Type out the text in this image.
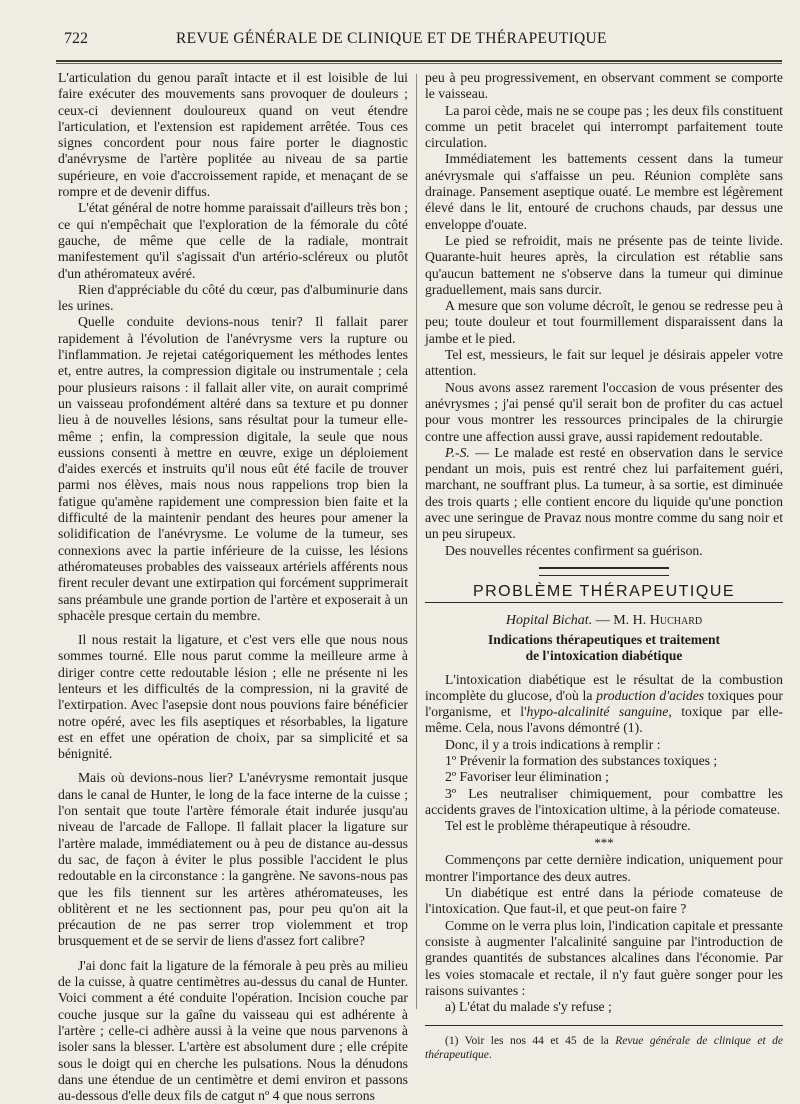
722	REVUE GÉNÉRALE DE CLINIQUE ET DE THÉRAPEUTIQUE

L'articulation du genou paraît intacte et il est loisible de lui faire exécuter des mouvements sans provoquer de douleurs ; ceux-ci deviennent douloureux quand on veut étendre l'articulation, et l'extension est rapidement arrêtée. Tous ces signes concordent pour nous faire porter le diagnostic d'anévrysme de l'artère poplitée au niveau de sa partie supérieure, en voie d'accroissement rapide, et menaçant de se rompre et de devenir diffus.

L'état général de notre homme paraissait d'ailleurs très bon ; ce qui n'empêchait que l'exploration de la fémorale du côté gauche, de même que celle de la radiale, montrait manifestement qu'il s'agissait d'un artério-scléreux ou plutôt d'un athéromateux avéré.

Rien d'appréciable du côté du cœur, pas d'albuminurie dans les urines.

Quelle conduite devions-nous tenir? Il fallait parer rapidement à l'évolution de l'anévrysme vers la rupture ou l'inflammation. Je rejetai catégoriquement les méthodes lentes et, entre autres, la compression digitale ou instrumentale ; cela pour plusieurs raisons : il fallait aller vite, on aurait comprimé un vaisseau profondément altéré dans sa texture et pu donner lieu à de nouvelles lésions, sans résultat pour la tumeur elle-même ; enfin, la compression digitale, la seule que nous eussions consenti à mettre en œuvre, exige un déploiement d'aides exercés et instruits qu'il nous eût été facile de trouver parmi nos élèves, mais nous nous rappelions trop bien la fatigue qu'amène rapidement une compression bien faite et la difficulté de la maintenir pendant des heures pour amener la solidification de l'anévrysme. Le volume de la tumeur, ses connexions avec la partie inférieure de la cuisse, les lésions athéromateuses probables des vaisseaux artériels afférents nous firent reculer devant une extirpation qui forcément supprimerait sans préambule une grande portion de l'artère et exposerait à un sphacèle presque certain du membre.

Il nous restait la ligature, et c'est vers elle que nous nous sommes tourné. Elle nous parut comme la meilleure arme à diriger contre cette redoutable lésion ; elle ne présente ni les lenteurs et les difficultés de la compression, ni la gravité de l'extirpation. Avec l'asepsie dont nous pouvions faire bénéficier notre opéré, avec les fils aseptiques et résorbables, la ligature est en effet une opération de choix, par sa simplicité et sa bénignité.

Mais où devions-nous lier? L'anévrysme remontait jusque dans le canal de Hunter, le long de la face interne de la cuisse ; l'on sentait que toute l'artère fémorale était indurée jusqu'au niveau de l'arcade de Fallope. Il fallait placer la ligature sur l'artère malade, immédiatement ou à peu de distance au-dessus du sac, de façon à éviter le plus possible l'accident le plus redoutable en la circonstance : la gangrène. Ne savons-nous pas que les fils tiennent sur les artères athéromateuses, les oblitèrent et ne les sectionnent pas, pour peu qu'on ait la précaution de ne pas serrer trop violemment et trop brusquement et de se servir de liens d'assez fort calibre?

J'ai donc fait la ligature de la fémorale à peu près au milieu de la cuisse, à quatre centimètres au-dessus du canal de Hunter. Voici comment a été conduite l'opération. Incision couche par couche jusque sur la gaîne du vaisseau qui est adhérente à l'artère ; celle-ci adhère aussi à la veine que nous parvenons à isoler sans la blesser. L'artère est absolument dure ; elle crépite sous le doigt qui en cherche les pulsations. Nous la dénudons dans une étendue de un centimètre et demi environ et passons au-dessous d'elle deux fils de catgut nº 4 que nous serrons

peu à peu progressivement, en observant comment se comporte le vaisseau.

La paroi cède, mais ne se coupe pas ; les deux fils constituent comme un petit bracelet qui interrompt parfaitement toute circulation.

Immédiatement les battements cessent dans la tumeur anévrysmale qui s'affaisse un peu. Réunion complète sans drainage. Pansement aseptique ouaté. Le membre est légèrement élevé dans le lit, entouré de cruchons chauds, par dessus une enveloppe d'ouate.

Le pied se refroidit, mais ne présente pas de teinte livide. Quarante-huit heures après, la circulation est rétablie sans qu'aucun battement ne s'observe dans la tumeur qui diminue graduellement, mais sans durcir.

A mesure que son volume décroît, le genou se redresse peu à peu; toute douleur et tout fourmillement disparaissent dans la jambe et le pied.

Tel est, messieurs, le fait sur lequel je désirais appeler votre attention.

Nous avons assez rarement l'occasion de vous présenter des anévrysmes ; j'ai pensé qu'il serait bon de profiter du cas actuel pour vous montrer les ressources principales de la chirurgie contre une affection aussi grave, aussi rapidement redoutable.

P.-S. — Le malade est resté en observation dans le service pendant un mois, puis est rentré chez lui parfaitement guéri, marchant, ne souffrant plus. La tumeur, à sa sortie, est diminuée des trois quarts ; elle contient encore du liquide qu'une ponction avec une seringue de Pravaz nous montre comme du sang noir et un peu sirupeux.

Des nouvelles récentes confirment sa guérison.

PROBLÈME THÉRAPEUTIQUE
Hopital Bichat. — M. H. Huchard
Indications thérapeutiques et traitement
de l'intoxication diabétique

L'intoxication diabétique est le résultat de la combustion incomplète du glucose, d'où la production d'acides toxiques pour l'organisme, et l'hypo-alcalinité sanguine, toxique par elle-même. Cela, nous l'avons démontré (1).

Donc, il y a trois indications à remplir :

1º Prévenir la formation des substances toxiques ;

2º Favoriser leur élimination ;

3º Les neutraliser chimiquement, pour combattre les accidents graves de l'intoxication ultime, à la période comateuse.

Tel est le problème thérapeutique à résoudre.

***

Commençons par cette dernière indication, uniquement pour montrer l'importance des deux autres.

Un diabétique est entré dans la période comateuse de l'intoxication. Que faut-il, et que peut-on faire ?

Comme on le verra plus loin, l'indication capitale et pressante consiste à augmenter l'alcalinité sanguine par l'introduction de grandes quantités de substances alcalines dans l'économie. Par les voies stomacale et rectale, il n'y faut guère songer pour les raisons suivantes :

a) L'état du malade s'y refuse ;

(1) Voir les nos 44 et 45 de la Revue générale de clinique et de thérapeutique.
